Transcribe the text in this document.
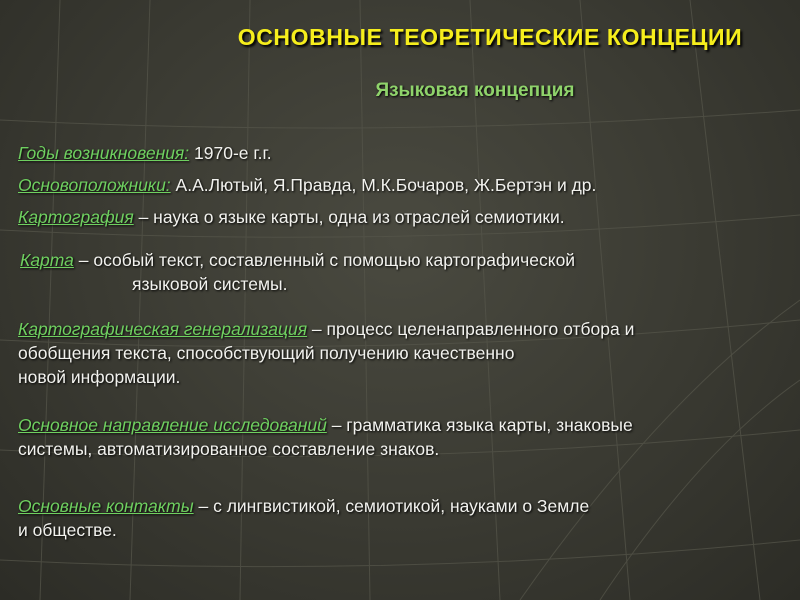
ОСНОВНЫЕ ТЕОРЕТИЧЕСКИЕ КОНЦЕЦИИ
Языковая концепция
Годы возникновения: 1970-е г.г.
Основоположники: А.А.Лютый, Я.Правда, М.К.Бочаров, Ж.Бертэн и др.
Картография – наука о языке карты, одна из отраслей семиотики.
Карта – особый текст, составленный с помощью картографической
языковой системы.
Картографическая генерализация – процесс целенаправленного отбора и
обобщения текста, способствующий получению качественно
новой информации.
Основное направление исследований – грамматика языка карты, знаковые
системы, автоматизированное составление знаков.
Основные контакты – с лингвистикой, семиотикой, науками о Земле
и обществе.
